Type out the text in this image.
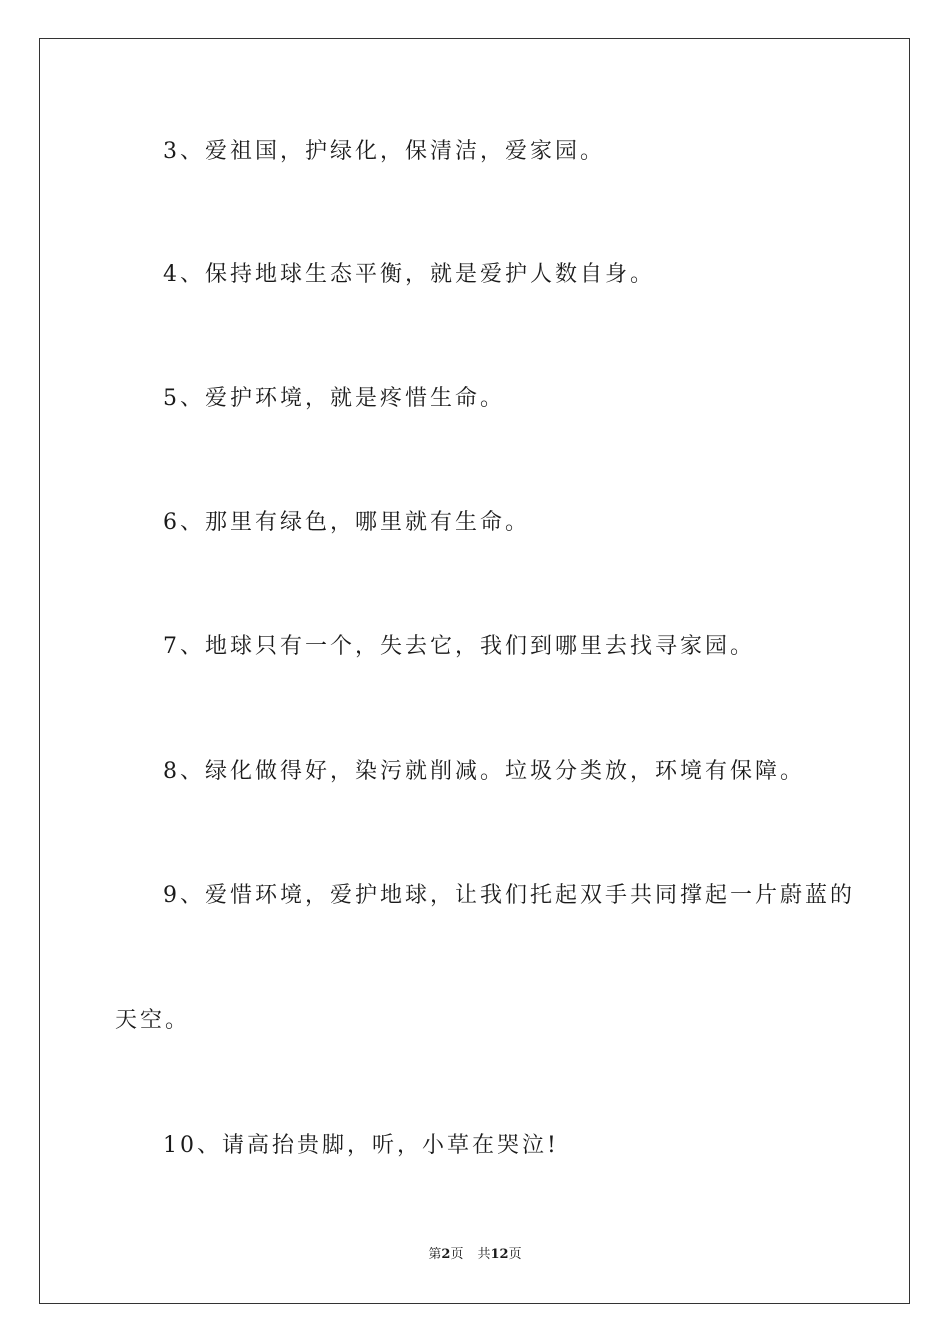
3、爱祖国，护绿化，保清洁，爱家园。
4、保持地球生态平衡，就是爱护人数自身。
5、爱护环境，就是疼惜生命。
6、那里有绿色，哪里就有生命。
7、地球只有一个，失去它，我们到哪里去找寻家园。
8、绿化做得好，染污就削减。垃圾分类放，环境有保障。
9、爱惜环境，爱护地球，让我们托起双手共同撑起一片蔚蓝的
天空。
10、请高抬贵脚，听，小草在哭泣!
第2页 共12页
